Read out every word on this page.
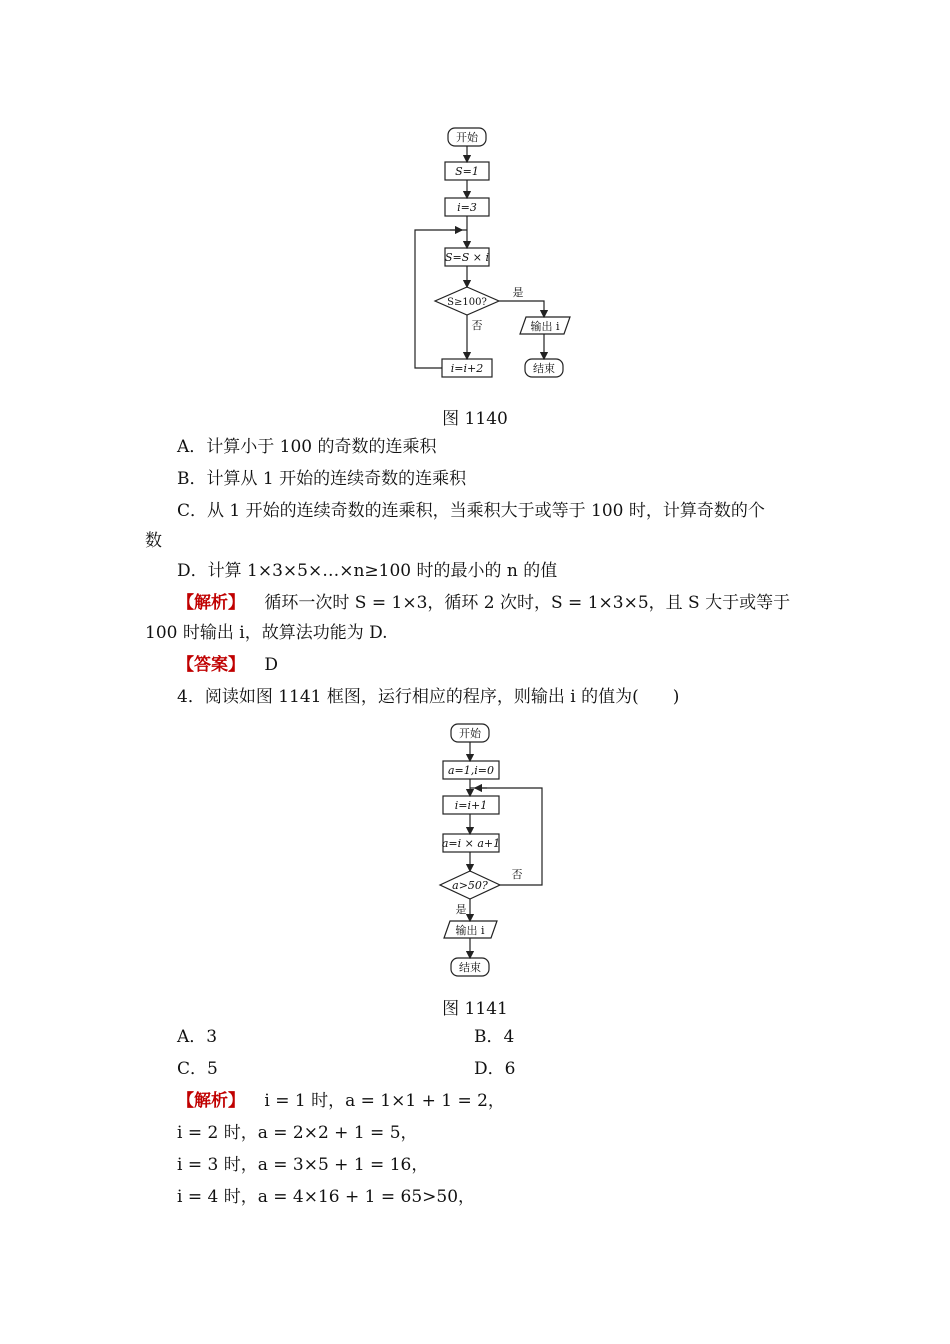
开始
S=1
i=3
S=S × i
S≥100?
是
否	输出 i
结束
i=i+2
图 1140
A．计算小于 100 的奇数的连乘积
B．计算从 1 开始的连续奇数的连乘积
C．从 1 开始的连续奇数的连乘积，当乘积大于或等于 100 时，计算奇数的个
数
D．计算 1×3×5×…×n≥100 时的最小的 n 的值
【解析】 循环一次时 S = 1×3，循环 2 次时，S = 1×3×5，且 S 大于或等于
100 时输出 i，故算法功能为 D.
【答案】 D
4．阅读如图 1141 框图，运行相应的程序，则输出 i 的值为(　　)
开始
a=1,i=0
i=i+1
a=i × a+1
a>50?
否
是
输出 i
结束
图 1141
A．3	B．4
C．5	D．6
【解析】 i = 1 时，a = 1×1 + 1 = 2，
i = 2 时，a = 2×2 + 1 = 5，
i = 3 时，a = 3×5 + 1 = 16，
i = 4 时，a = 4×16 + 1 = 65>50，
